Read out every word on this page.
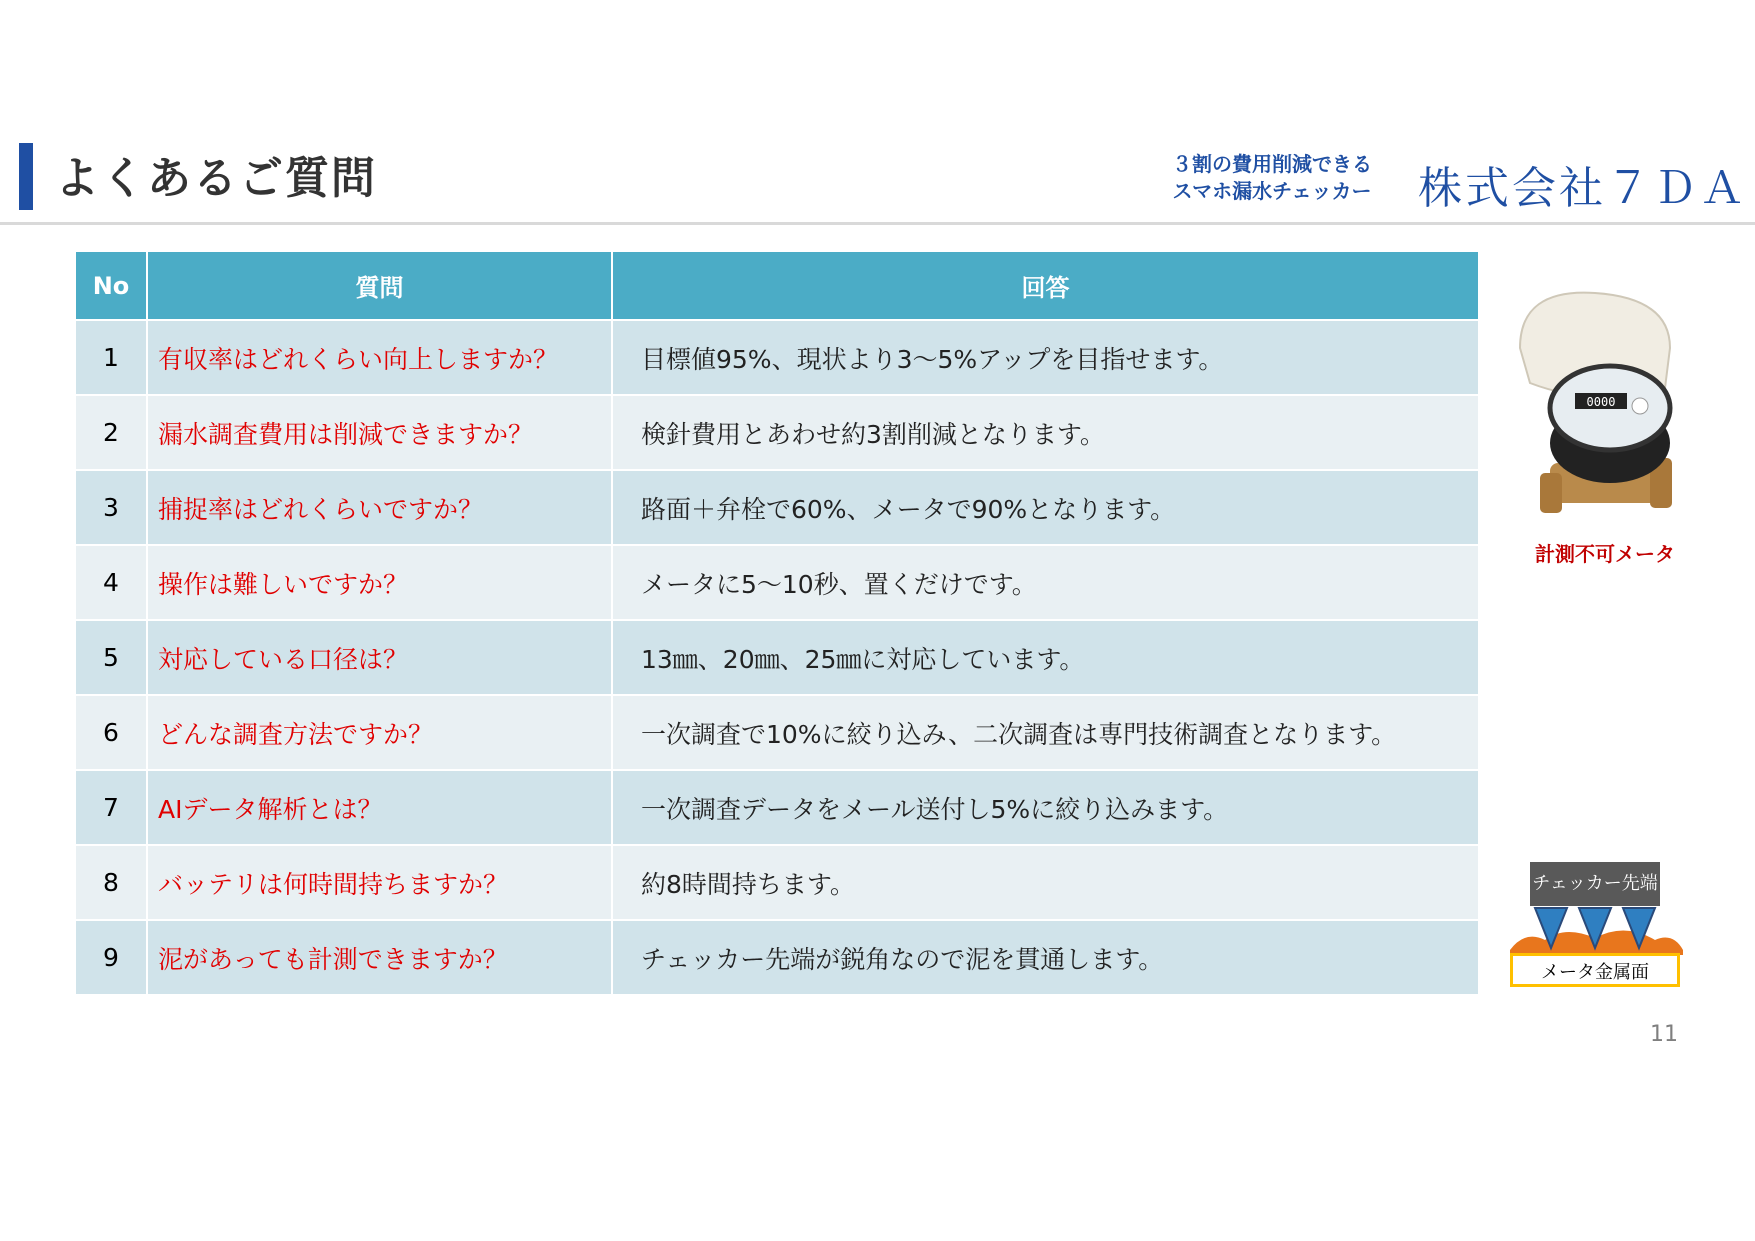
よくあるご質問	３割の費用削減できる
スマホ漏水チェッカー 株式会社７ＤＡ
No	質問	回答
1	有収率はどれくらい向上しますか？	目標値95%、現状より3～5%アップを目指せます。
2	漏水調査費用は削減できますか？	検針費用とあわせ約3割削減となります。
3	捕捉率はどれくらいですか？	路面＋弁栓で60%、メータで90%となります。
4	操作は難しいですか？	メータに5～10秒、置くだけです。
5	対応している口径は？	13㎜、20㎜、25㎜に対応しています。
6	どんな調査方法ですか？	一次調査で10%に絞り込み、二次調査は専門技術調査となります。
7	AIデータ解析とは？	一次調査データをメール送付し5%に絞り込みます。
8	バッテリは何時間持ちますか？	約8時間持ちます。
9	泥があっても計測できますか？	チェッカー先端が鋭角なので泥を貫通します。
0000
計測不可メータ
チェッカー先端
メータ金属面
11
